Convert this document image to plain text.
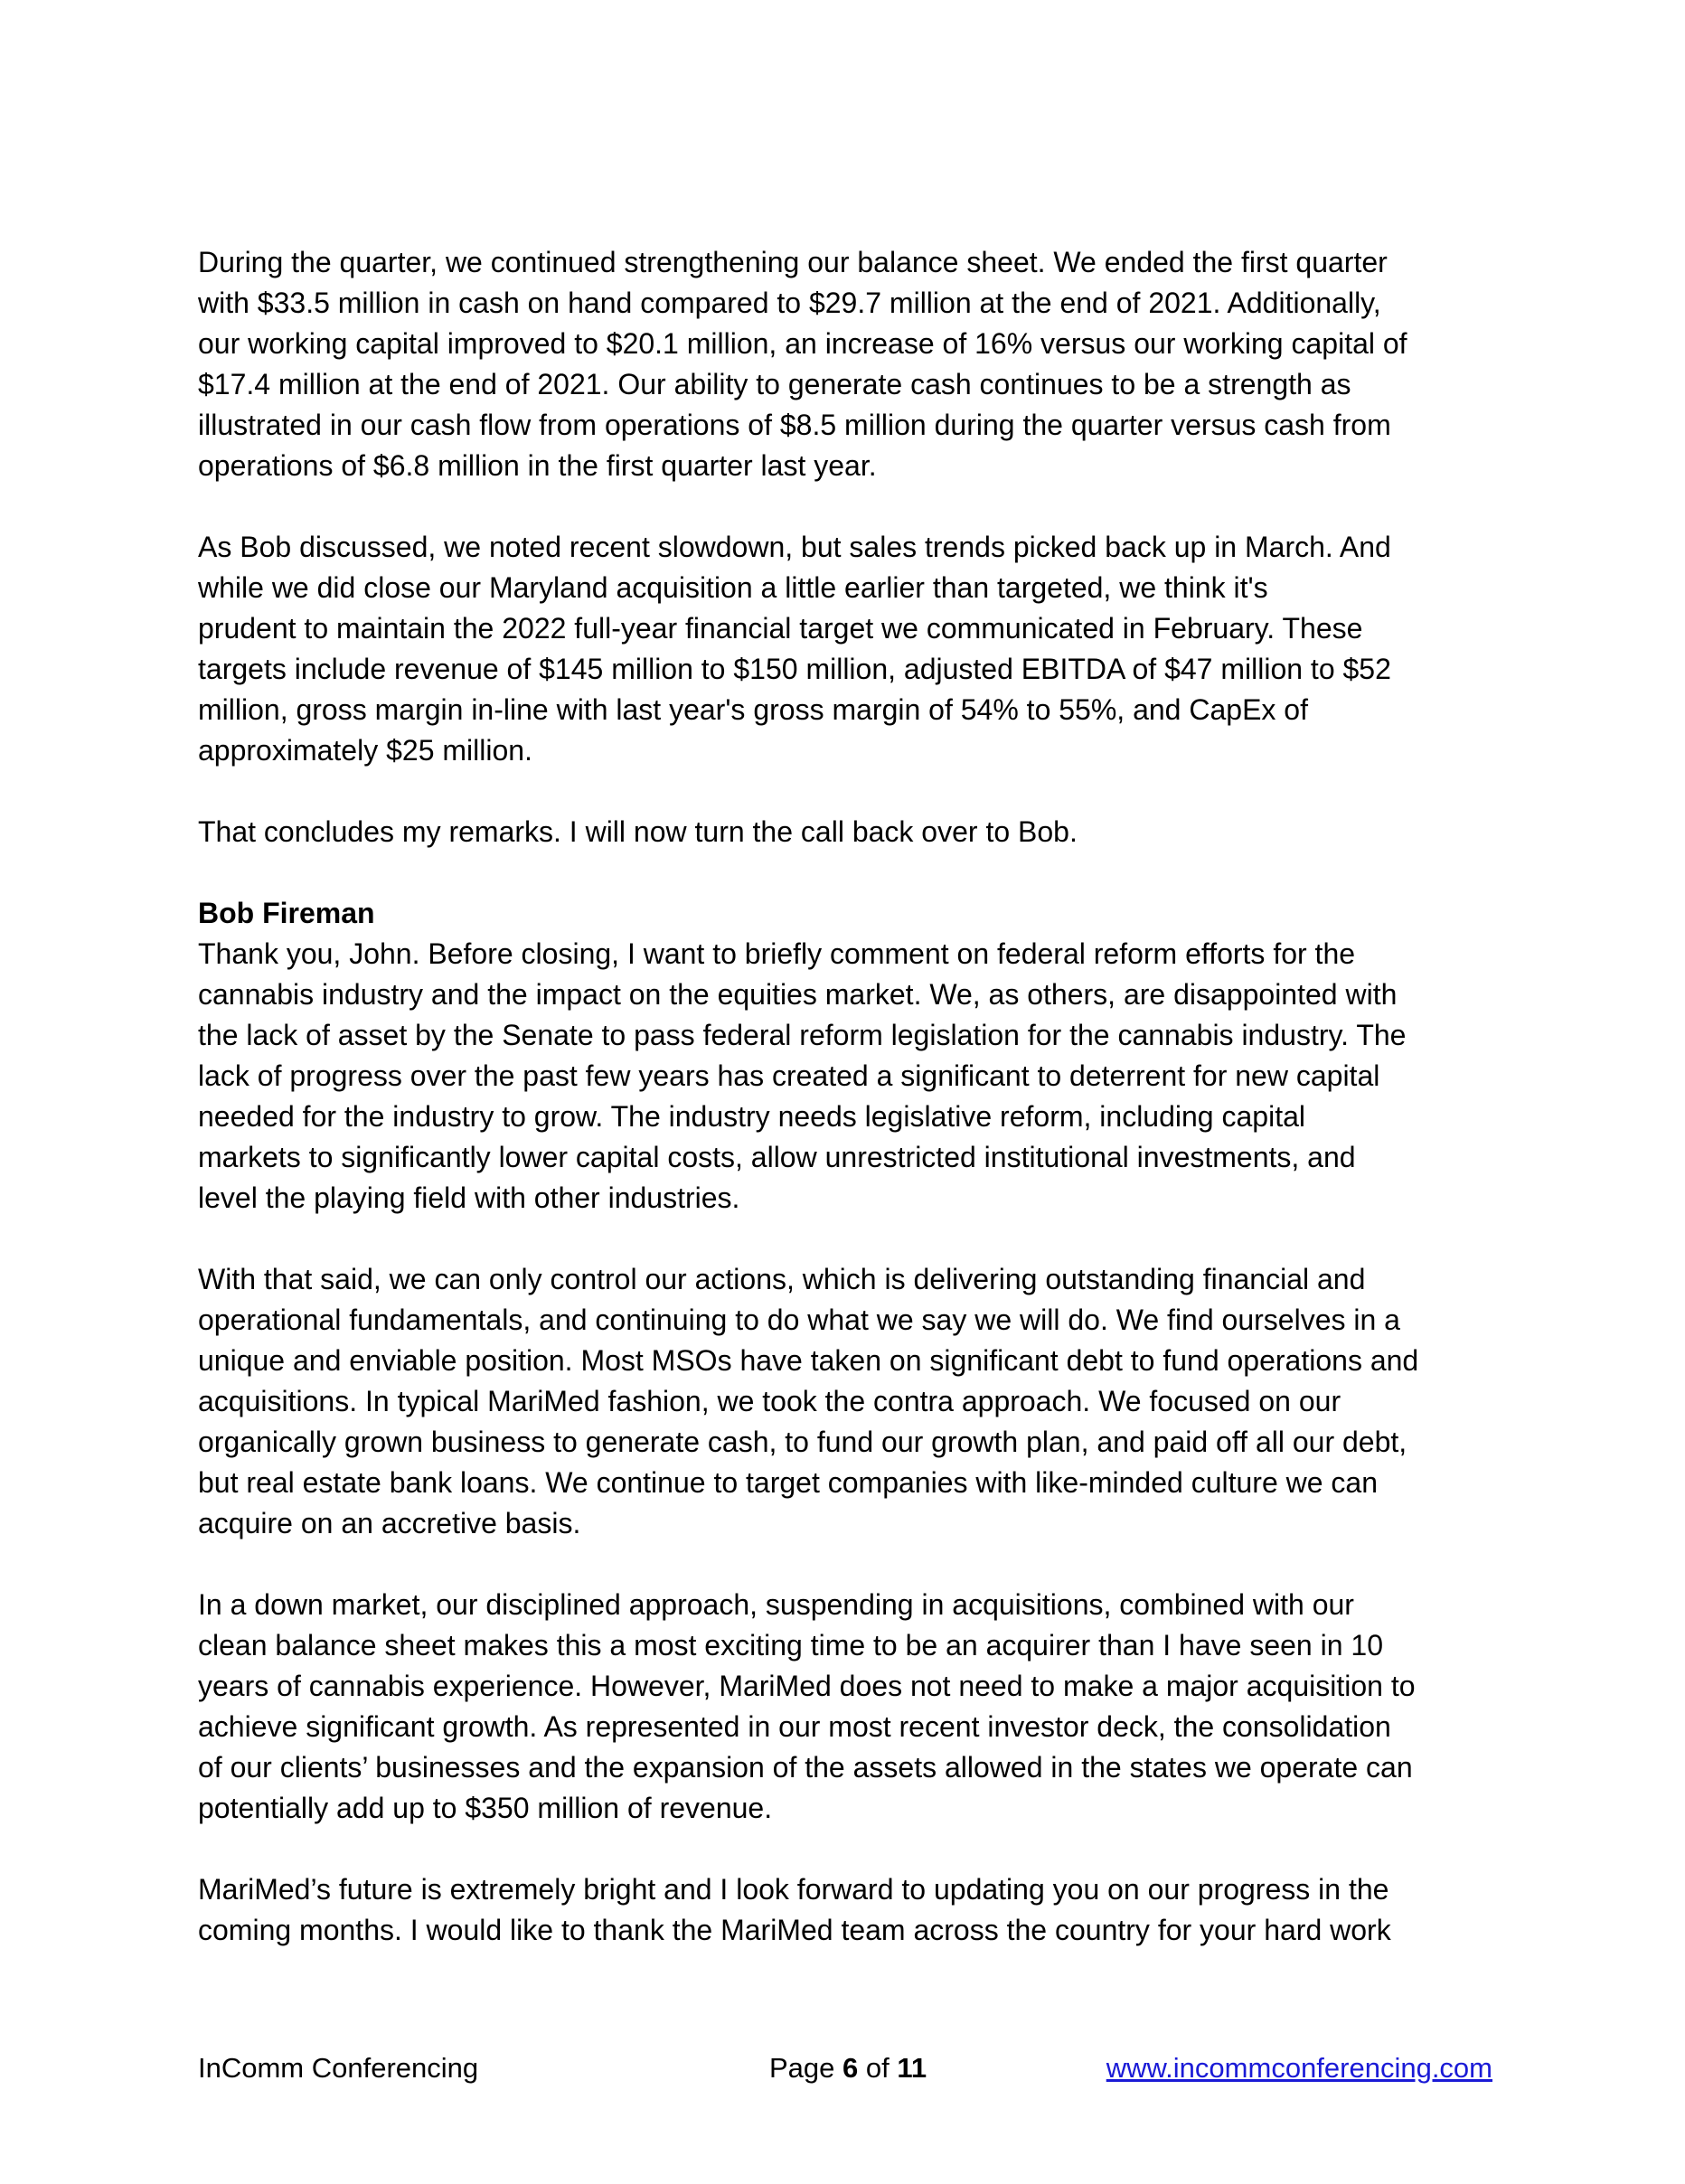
During the quarter, we continued strengthening our balance sheet. We ended the first quarter
with $33.5 million in cash on hand compared to $29.7 million at the end of 2021. Additionally,
our working capital improved to $20.1 million, an increase of 16% versus our working capital of
$17.4 million at the end of 2021. Our ability to generate cash continues to be a strength as
illustrated in our cash flow from operations of $8.5 million during the quarter versus cash from
operations of $6.8 million in the first quarter last year.

As Bob discussed, we noted recent slowdown, but sales trends picked back up in March. And
while we did close our Maryland acquisition a little earlier than targeted, we think it's
prudent to maintain the 2022 full-year financial target we communicated in February. These
targets include revenue of $145 million to $150 million, adjusted EBITDA of $47 million to $52
million, gross margin in-line with last year's gross margin of 54% to 55%, and CapEx of
approximately $25 million.

That concludes my remarks. I will now turn the call back over to Bob.

Bob Fireman
Thank you, John. Before closing, I want to briefly comment on federal reform efforts for the
cannabis industry and the impact on the equities market. We, as others, are disappointed with
the lack of asset by the Senate to pass federal reform legislation for the cannabis industry. The
lack of progress over the past few years has created a significant to deterrent for new capital
needed for the industry to grow. The industry needs legislative reform, including capital
markets to significantly lower capital costs, allow unrestricted institutional investments, and
level the playing field with other industries.

With that said, we can only control our actions, which is delivering outstanding financial and
operational fundamentals, and continuing to do what we say we will do. We find ourselves in a
unique and enviable position. Most MSOs have taken on significant debt to fund operations and
acquisitions. In typical MariMed fashion, we took the contra approach. We focused on our
organically grown business to generate cash, to fund our growth plan, and paid off all our debt,
but real estate bank loans. We continue to target companies with like-minded culture we can
acquire on an accretive basis.

In a down market, our disciplined approach, suspending in acquisitions, combined with our
clean balance sheet makes this a most exciting time to be an acquirer than I have seen in 10
years of cannabis experience. However, MariMed does not need to make a major acquisition to
achieve significant growth. As represented in our most recent investor deck, the consolidation
of our clients’ businesses and the expansion of the assets allowed in the states we operate can
potentially add up to $350 million of revenue.

MariMed’s future is extremely bright and I look forward to updating you on our progress in the
coming months. I would like to thank the MariMed team across the country for your hard work

InComm Conferencing	Page 6 of 11	www.incommconferencing.com
